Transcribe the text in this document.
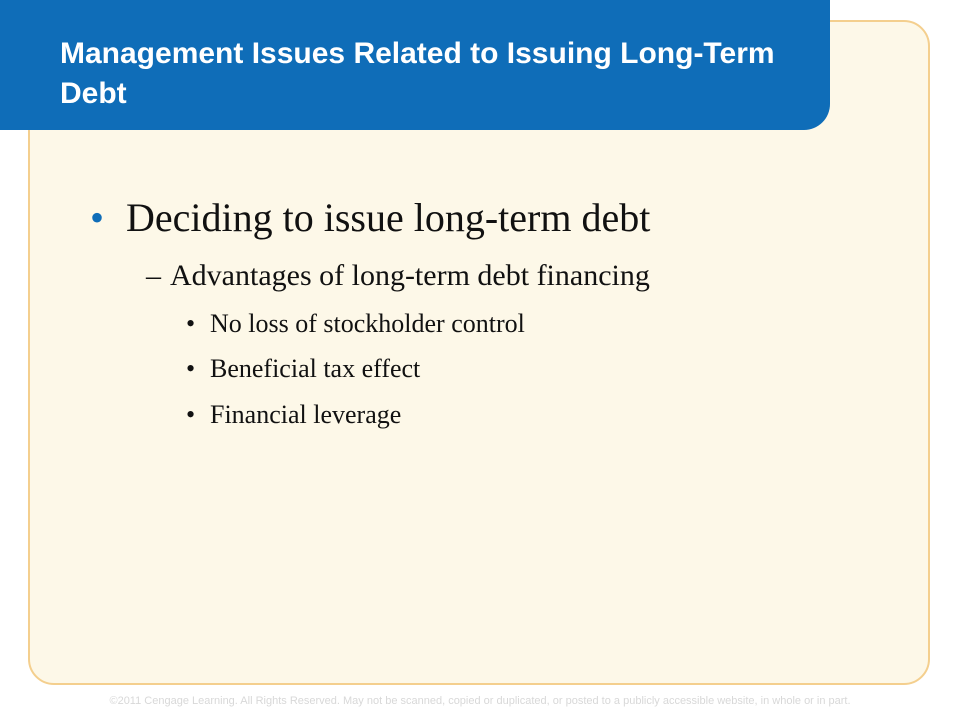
Management Issues Related to Issuing Long-Term Debt
• Deciding to issue long-term debt
– Advantages of long-term debt financing
• No loss of stockholder control
• Beneficial tax effect
• Financial leverage
©2011 Cengage Learning. All Rights Reserved. May not be scanned, copied or duplicated, or posted to a publicly accessible website, in whole or in part.
